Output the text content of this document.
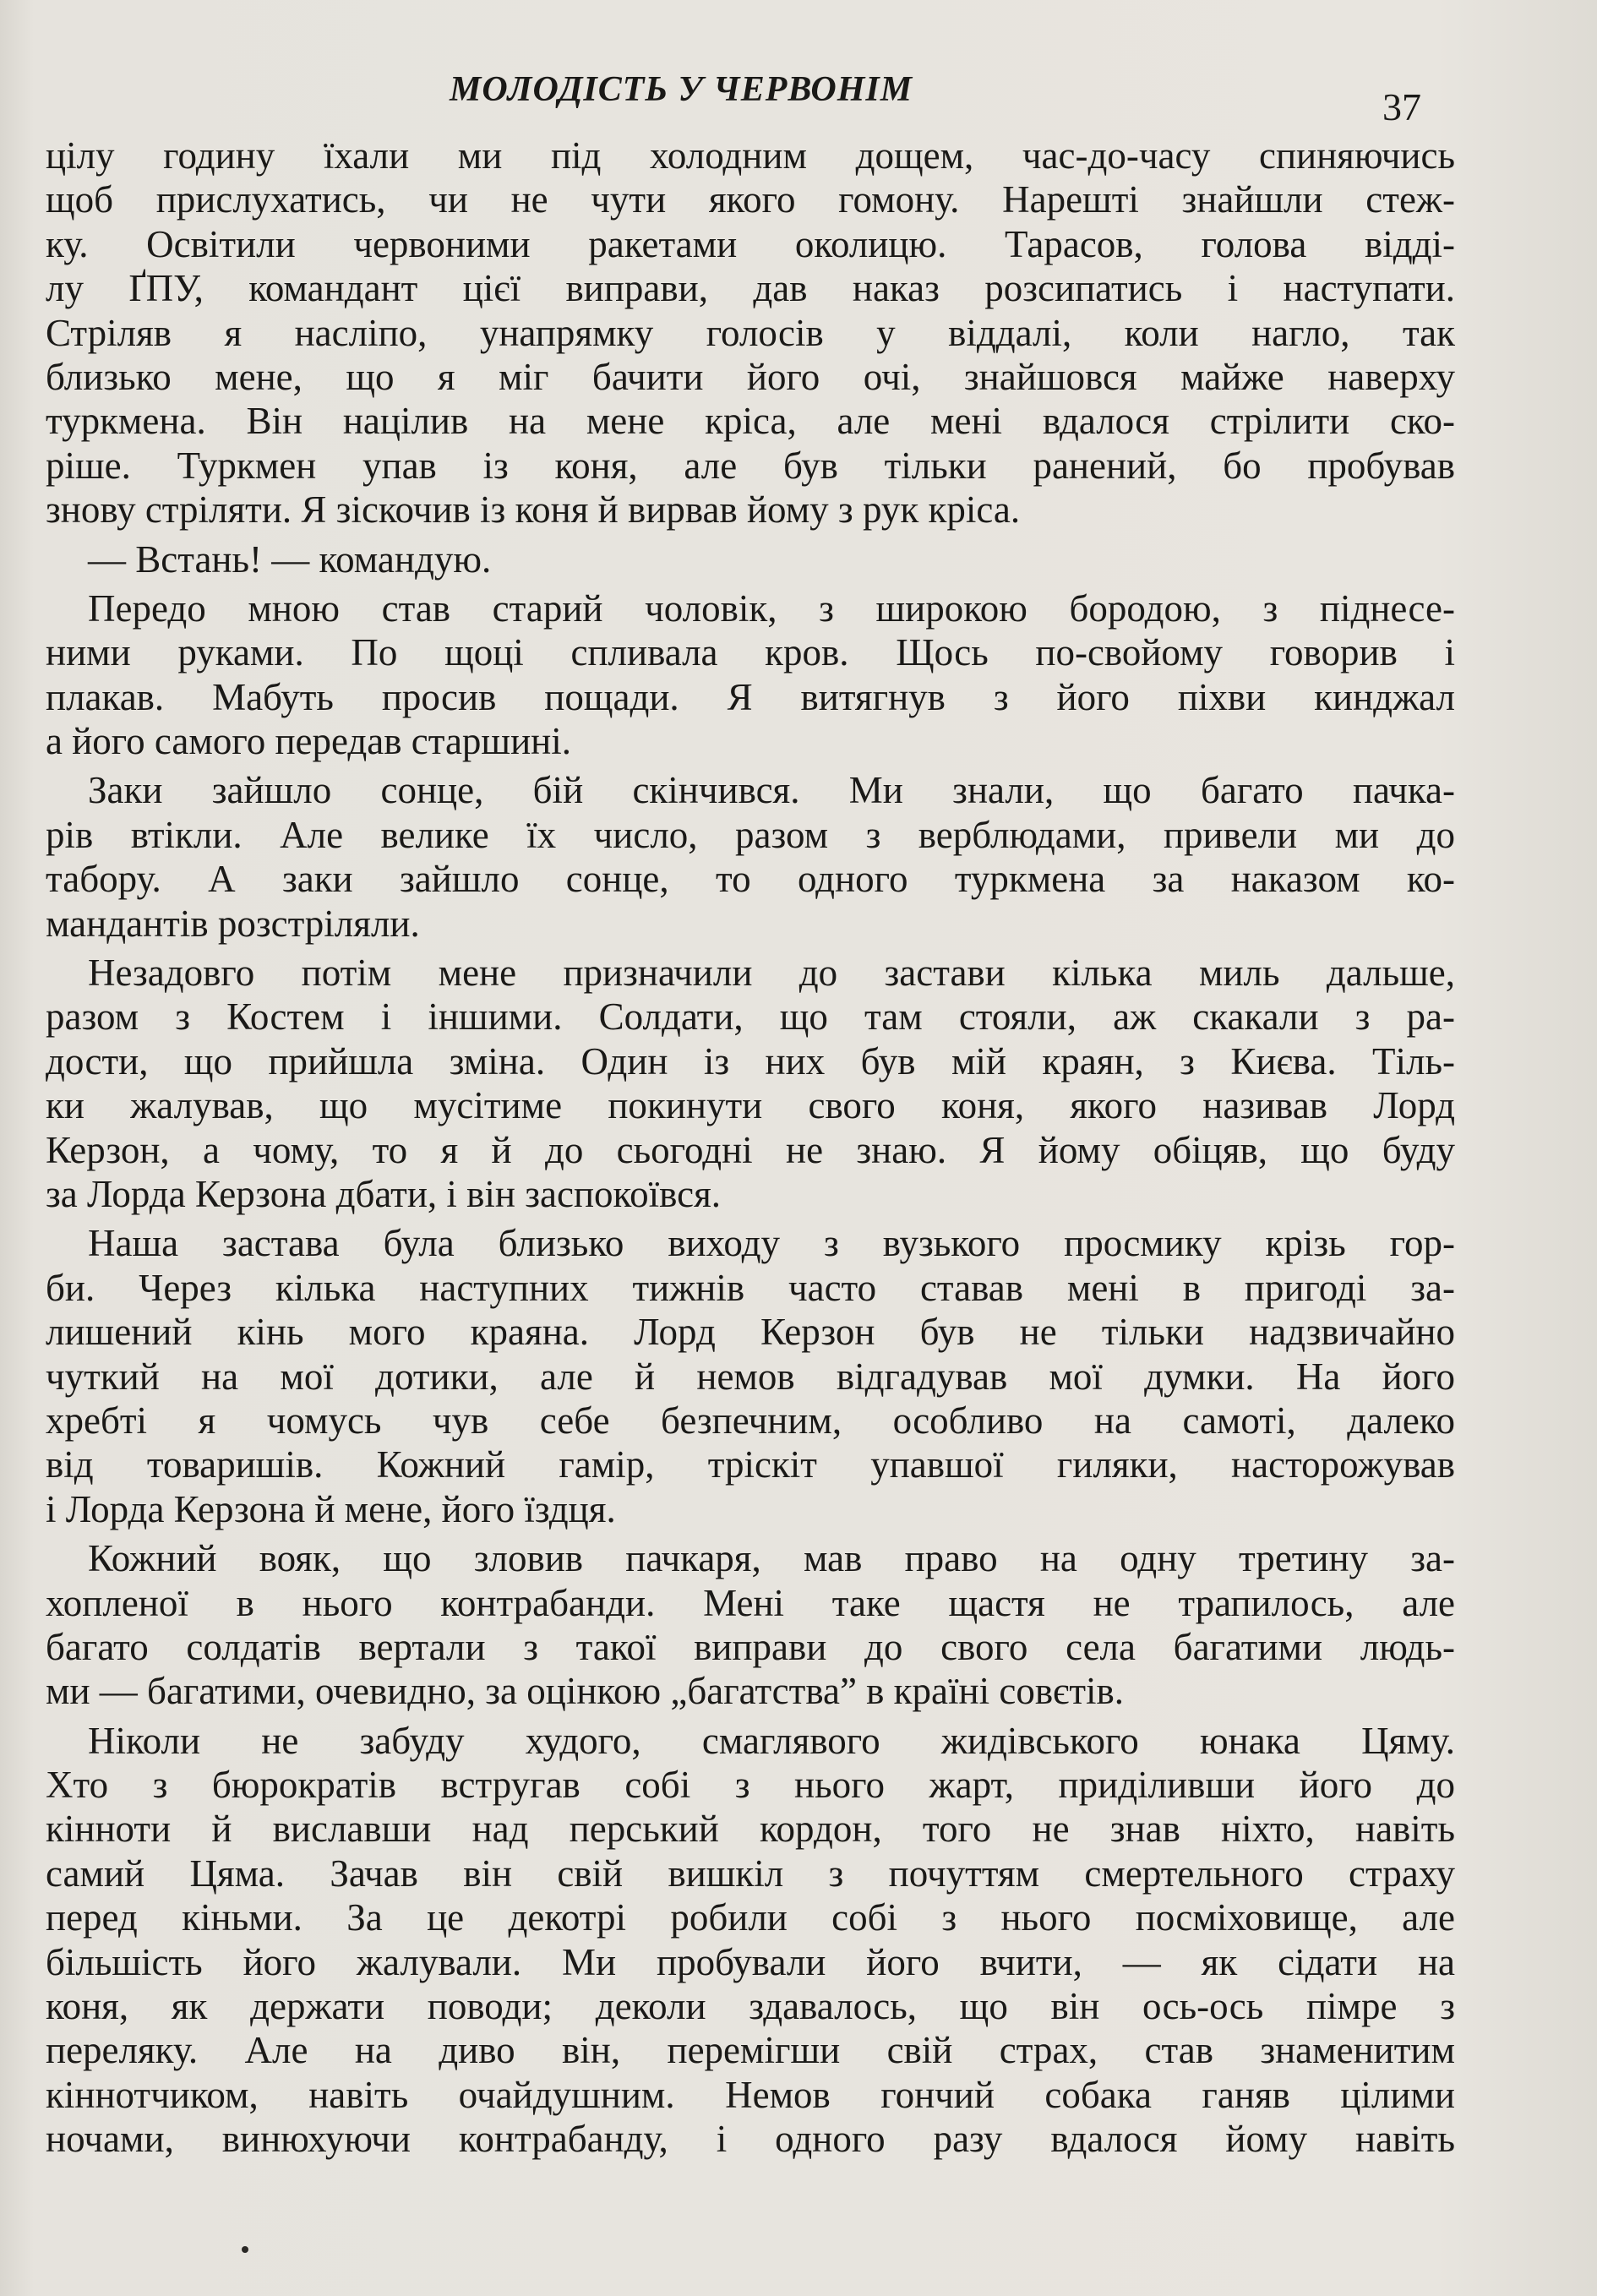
МОЛОДІСТЬ У ЧЕРВОНІМ	37
цілу годину їхали ми під холодним дощем, час-до-часу спиняючись
щоб прислухатись, чи не чути якого гомону. Нарешті знайшли стеж-
ку. Освітили червоними ракетами околицю. Тарасов, голова відді-
лу ҐПУ, командант цієї виправи, дав наказ розсипатись і наступати.
Стріляв я насліпо, унапрямку голосів у віддалі, коли нагло, так
близько мене, що я міг бачити його очі, знайшовся майже наверху
туркмена. Він націлив на мене кріса, але мені вдалося стрілити ско-
ріше. Туркмен упав із коня, але був тільки ранений, бо пробував
знову стріляти. Я зіскочив із коня й вирвав йому з рук кріса.
— Встань! — командую.
Передо мною став старий чоловік, з широкою бородою, з піднесе-
ними руками. По щоці спливала кров. Щось по-свойому говорив і
плакав. Мабуть просив пощади. Я витягнув з його піхви кинджал
а його самого передав старшині.
Заки зайшло сонце, бій скінчився. Ми знали, що багато пачка-
рів втікли. Але велике їх число, разом з верблюдами, привели ми до
табору. А заки зайшло сонце, то одного туркмена за наказом ко-
мандантів розстріляли.
Незадовго потім мене призначили до застави кілька миль дальше,
разом з Костем і іншими. Солдати, що там стояли, аж скакали з ра-
дости, що прийшла зміна. Один із них був мій краян, з Києва. Тіль-
ки жалував, що мусітиме покинути свого коня, якого називав Лорд
Керзон, а чому, то я й до сьогодні не знаю. Я йому обіцяв, що буду
за Лорда Керзона дбати, і він заспокоївся.
Наша застава була близько виходу з вузького просмику крізь гор-
би. Через кілька наступних тижнів часто ставав мені в пригоді за-
лишений кінь мого краяна. Лорд Керзон був не тільки надзвичайно
чуткий на мої дотики, але й немов відгадував мої думки. На його
хребті я чомусь чув себе безпечним, особливо на самоті, далеко
від товаришів. Кожний гамір, тріскіт упавшої гиляки, насторожував
і Лорда Керзона й мене, його їздця.
Кожний вояк, що зловив пачкаря, мав право на одну третину за-
хопленої в нього контрабанди. Мені таке щастя не трапилось, але
багато солдатів вертали з такої виправи до свого села багатими людь-
ми — багатими, очевидно, за оцінкою „багатства” в країні совєтів.
Ніколи не забуду худого, смаглявого жидівського юнака Цяму.
Хто з бюрократів встругав собі з нього жарт, приділивши його до
кінноти й виславши над перський кордон, того не знав ніхто, навіть
самий Цяма. Зачав він свій вишкіл з почуттям смертельного страху
перед кіньми. За це декотрі робили собі з нього посміховище, але
більшість його жалували. Ми пробували його вчити, — як сідати на
коня, як держати поводи; деколи здавалось, що він ось-ось пімре з
переляку. Але на диво він, перемігши свій страх, став знаменитим
кіннотчиком, навіть очайдушним. Немов гончий собака ганяв цілими
ночами, винюхуючи контрабанду, і одного разу вдалося йому навіть
